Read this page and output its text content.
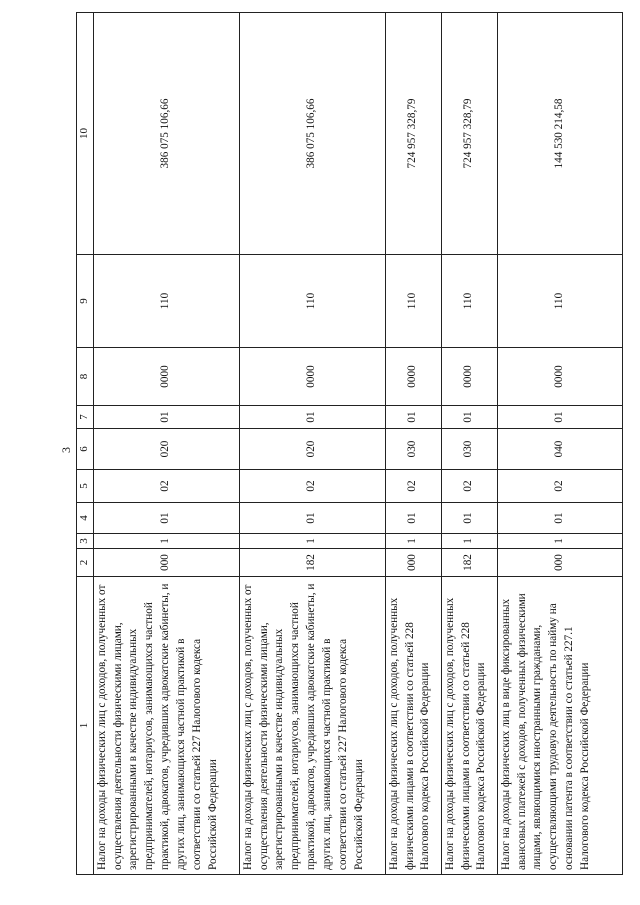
3
1	2	3	4	5	6	7	8	9	10
Налог на доходы физических лиц с доходов, полученных от осуществления деятельности физическими лицами, зарегистрированными в качестве индивидуальных предпринимателей, нотариусов, занимающихся частной практикой, адвокатов, учредивших адвокатские кабинеты, и других лиц, занимающихся частной практикой в соответствии со статьей 227 Налогового кодекса Российской Федерации	000	1	01	02	020	01	0000	110	386 075 106,66
Налог на доходы физических лиц с доходов, полученных от осуществления деятельности физическими лицами, зарегистрированными в качестве индивидуальных предпринимателей, нотариусов, занимающихся частной практикой, адвокатов, учредивших адвокатские кабинеты, и других лиц, занимающихся частной практикой в соответствии со статьей 227 Налогового кодекса Российской Федерации	182	1	01	02	020	01	0000	110	386 075 106,66
Налог на доходы физических лиц с доходов, полученных физическими лицами в соответствии со статьей 228 Налогового кодекса Российской Федерации	000	1	01	02	030	01	0000	110	724 957 328,79
Налог на доходы физических лиц с доходов, полученных физическими лицами в соответствии со статьей 228 Налогового кодекса Российской Федерации	182	1	01	02	030	01	0000	110	724 957 328,79
Налог на доходы физических лиц в виде фиксированных авансовых платежей с доходов, полученных физическими лицами, являющимися иностранными гражданами, осуществляющими трудовую деятельность по найму на основании патента в соответствии со статьей 227.1 Налогового кодекса Российской Федерации	000	1	01	02	040	01	0000	110	144 530 214,58
